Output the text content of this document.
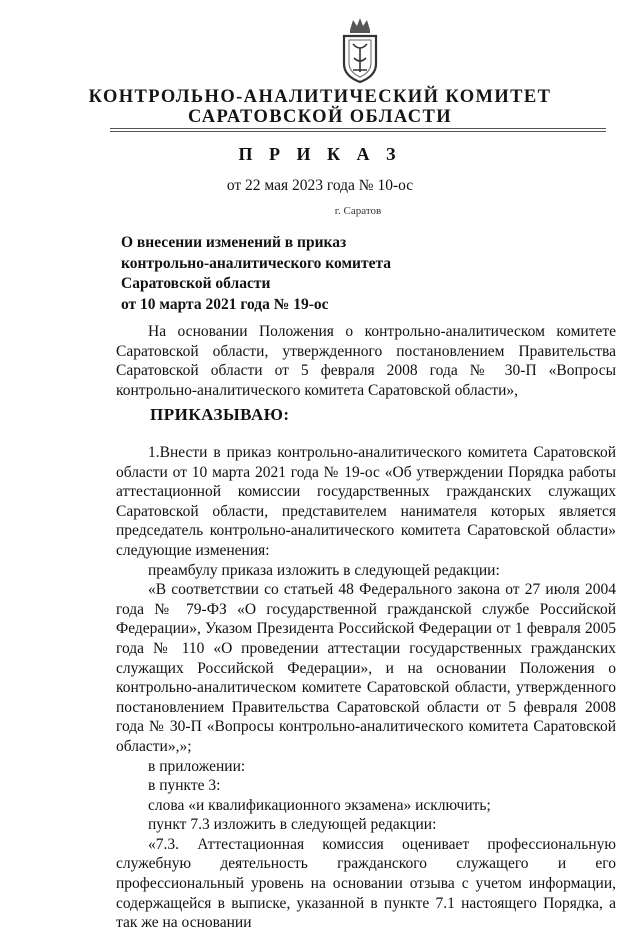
КОНТРОЛЬНО-АНАЛИТИЧЕСКИЙ КОМИТЕТ
САРАТОВСКОЙ ОБЛАСТИ
П Р И К А З
от 22 мая 2023 года № 10-ос
г. Саратов
О внесении изменений в приказ
контрольно-аналитического комитета
Саратовской области
от 10 марта 2021 года № 19-ос
На основании Положения о контрольно-аналитическом комитете Саратовской области, утвержденного постановлением Правительства Саратовской области от 5 февраля 2008 года № 30-П «Вопросы контрольно-аналитического комитета Саратовской области»,
ПРИКАЗЫВАЮ:
1.Внести в приказ контрольно-аналитического комитета Саратовской области от 10 марта 2021 года № 19-ос «Об утверждении Порядка работы аттестационной комиссии государственных гражданских служащих Саратовской области, представителем нанимателя которых является председатель контрольно-аналитического комитета Саратовской области» следующие изменения:
преамбулу приказа изложить в следующей редакции:
«В соответствии со статьей 48 Федерального закона от 27 июля 2004 года № 79-ФЗ «О государственной гражданской службе Российской Федерации», Указом Президента Российской Федерации от 1 февраля 2005 года № 110 «О проведении аттестации государственных гражданских служащих Российской Федерации», и на основании Положения о контрольно-аналитическом комитете Саратовской области, утвержденного постановлением Правительства Саратовской области от 5 февраля 2008 года № 30-П «Вопросы контрольно-аналитического комитета Саратовской области»,»;
в приложении:
в пункте 3:
слова «и квалификационного экзамена» исключить;
пункт 7.3 изложить в следующей редакции:
«7.3. Аттестационная комиссия оценивает профессиональную служебную деятельность гражданского служащего и его профессиональный уровень на основании отзыва с учетом информации, содержащейся в выписке, указанной в пункте 7.1 настоящего Порядка, а так же на основании
